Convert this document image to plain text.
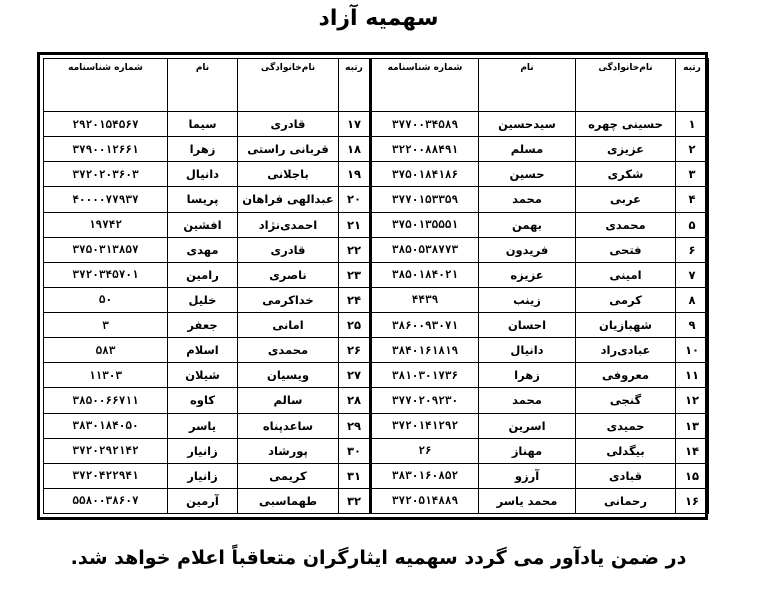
سهمیه آزاد
رتبه	نام‌خانوادگی	نام	شماره شناسنامه	رتبه	نام‌خانوادگی	نام	شماره شناسنامه
۱	حسینی چهره	سیدحسین	۳۷۷۰۰۳۴۵۸۹	۱۷	قادری	سیما	۲۹۲۰۱۵۴۵۶۷
۲	عزیزی	مسلم	۳۲۲۰۰۸۸۴۹۱	۱۸	قربانی راستی	زهرا	۳۷۹۰۰۱۲۶۶۱
۳	شکری	حسین	۳۷۵۰۱۸۴۱۸۶	۱۹	باجلانی	دانیال	۳۷۲۰۲۰۳۶۰۳
۴	عربی	محمد	۳۷۷۰۱۵۳۳۵۹	۲۰	عبدالهی فراهان	پریسا	۴۰۰۰۰۷۷۹۳۷
۵	محمدی	بهمن	۳۷۵۰۱۳۵۵۵۱	۲۱	احمدی‌نژاد	افشین	۱۹۷۴۲
۶	فتحی	فریدون	۳۸۵۰۵۳۸۷۷۳	۲۲	قادری	مهدی	۳۷۵۰۳۱۳۸۵۷
۷	امینی	عزیزه	۳۸۵۰۱۸۴۰۲۱	۲۳	ناصری	رامین	۳۷۲۰۳۴۵۷۰۱
۸	کرمی	زینب	۴۴۳۹	۲۴	خداکرمی	خلیل	۵۰
۹	شهبازیان	احسان	۳۸۶۰۰۹۳۰۷۱	۲۵	امانی	جعفر	۳
۱۰	عبادی‌راد	دانیال	۳۸۴۰۱۶۱۸۱۹	۲۶	محمدی	اسلام	۵۸۳
۱۱	معروفی	زهرا	۳۸۱۰۳۰۱۷۳۶	۲۷	ویسیان	شیلان	۱۱۳۰۳
۱۲	گنجی	محمد	۳۷۷۰۲۰۹۲۳۰	۲۸	سالم	کاوه	۳۸۵۰۰۶۶۷۱۱
۱۳	حمیدی	اسرین	۳۷۲۰۱۴۱۲۹۲	۲۹	ساعدپناه	یاسر	۳۸۳۰۱۸۴۰۵۰
۱۴	بیگدلی	مهناز	۲۶	۳۰	پورشاد	زانیار	۳۷۲۰۲۹۲۱۴۲
۱۵	قبادی	آرزو	۳۸۳۰۱۶۰۸۵۲	۳۱	کریمی	زانیار	۳۷۲۰۴۲۲۹۴۱
۱۶	رحمانی	محمد یاسر	۳۷۲۰۵۱۴۸۸۹	۳۲	طهماسبی	آرمین	۵۵۸۰۰۳۸۶۰۷
در ضمن یادآور می گردد سهمیه ایثارگران متعاقباً اعلام خواهد شد.
